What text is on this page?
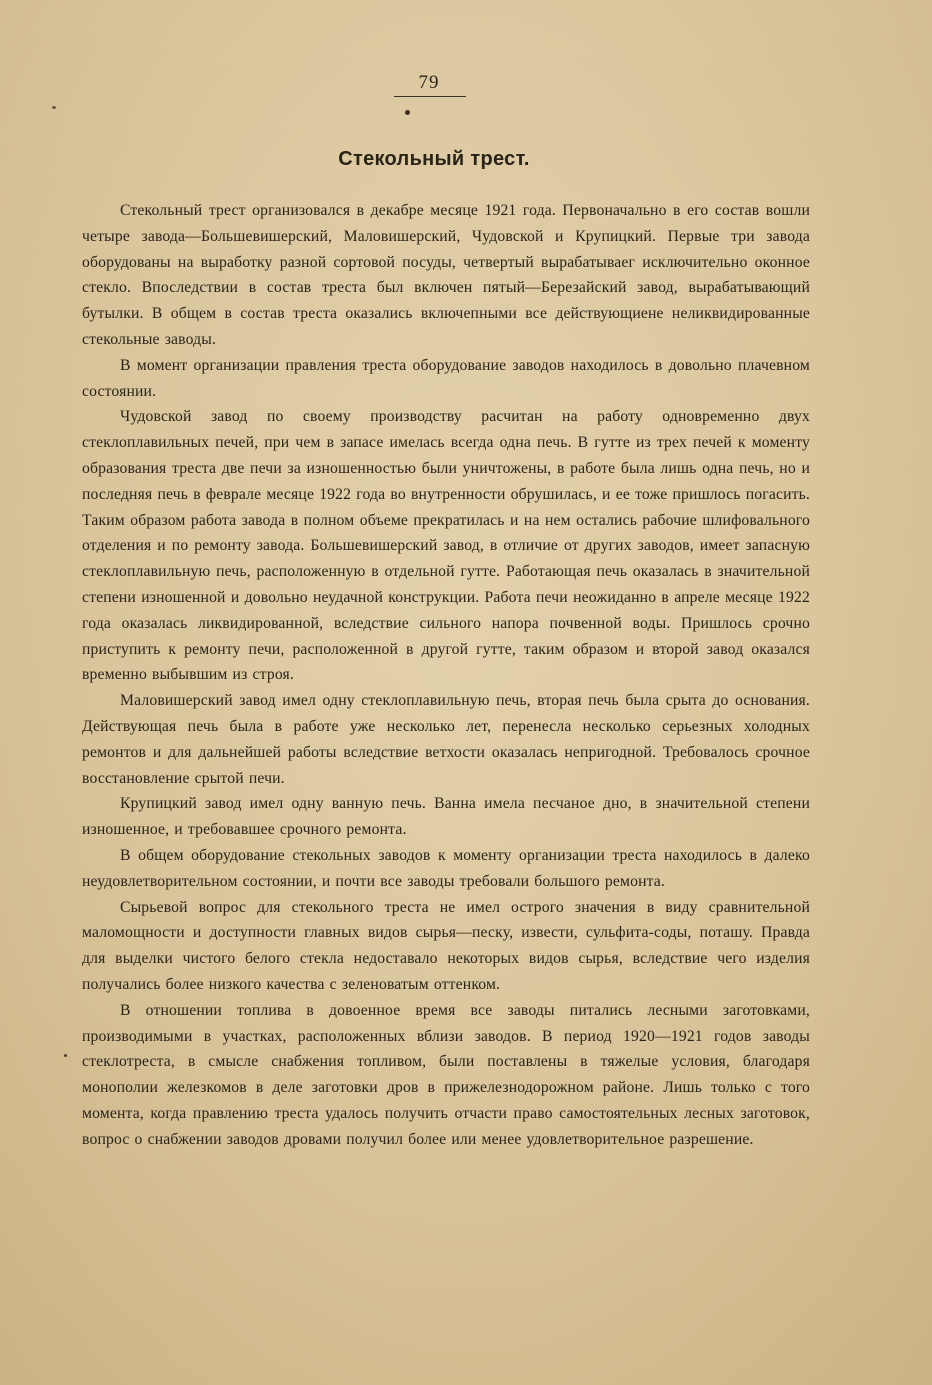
79
Стекольный трест.

Стекольный трест организовался в декабре месяце 1921 года. Первоначально в его состав вошли четыре завода—Большевишерский, Маловишерский, Чудовской и Крупицкий. Первые три завода оборудованы на выработку разной сортовой посуды, четвертый вырабатываег исключительно оконное стекло. Впоследствии в состав треста был включен пятый—Березайский завод, вырабатывающий бутылки. В общем в состав треста оказались включепными все действующиене неликвидированные стекольные заводы.

В момент организации правления треста оборудование заводов находилось в довольно плачевном состоянии.

Чудовской завод по своему производству расчитан на работу одновременно двух стеклоплавильных печей, при чем в запасе имелась всегда одна печь. В гутте из трех печей к моменту образования треста две печи за изношенностью были уничтожены, в работе была лишь одна печь, но и последняя печь в феврале месяце 1922 года во внутренности обрушилась, и ее тоже пришлось погасить. Таким образом работа завода в полном объеме прекратилась и на нем остались рабочие шлифовального отделения и по ремонту завода. Большевишерский завод, в отличие от других заводов, имеет запасную стеклоплавильную печь, расположенную в отдельной гутте. Работающая печь оказалась в значительной степени изношенной и довольно неудачной конструкции. Работа печи неожиданно в апреле месяце 1922 года оказалась ликвидированной, вследствие сильного напора почвенной воды. Пришлось срочно приступить к ремонту печи, расположенной в другой гутте, таким образом и второй завод оказался временно выбывшим из строя.

Маловишерский завод имел одну стеклоплавильную печь, вторая печь была срыта до основания. Действующая печь была в работе уже несколько лет, перенесла несколько серьезных холодных ремонтов и для дальнейшей работы вследствие ветхости оказалась непригодной. Требовалось срочное восстановление срытой печи.

Крупицкий завод имел одну ванную печь. Ванна имела песчаное дно, в значительной степени изношенное, и требовавшее срочного ремонта.

В общем оборудование стекольных заводов к моменту организации треста находилось в далеко неудовлетворительном состоянии, и почти все заводы требовали большого ремонта.

Сырьевой вопрос для стекольного треста не имел острого значения в виду сравнительной маломощности и доступности главных видов сырья—песку, извести, сульфита-соды, поташу. Правда для выделки чистого белого стекла недоставало некоторых видов сырья, вследствие чего изделия получались более низкого качества с зеленоватым оттенком.

В отношении топлива в довоенное время все заводы питались лесными заготовками, производимыми в участках, расположенных вблизи заводов. В период 1920—1921 годов заводы стеклотреста, в смысле снабжения топливом, были поставлены в тяжелые условия, благодаря монополии железкомов в деле заготовки дров в прижелезнодорожном районе. Лишь только с того момента, когда правлению треста удалось получить отчасти право самостоятельных лесных заготовок, вопрос о снабжении заводов дровами получил более или менее удовлетворительное разрешение.
